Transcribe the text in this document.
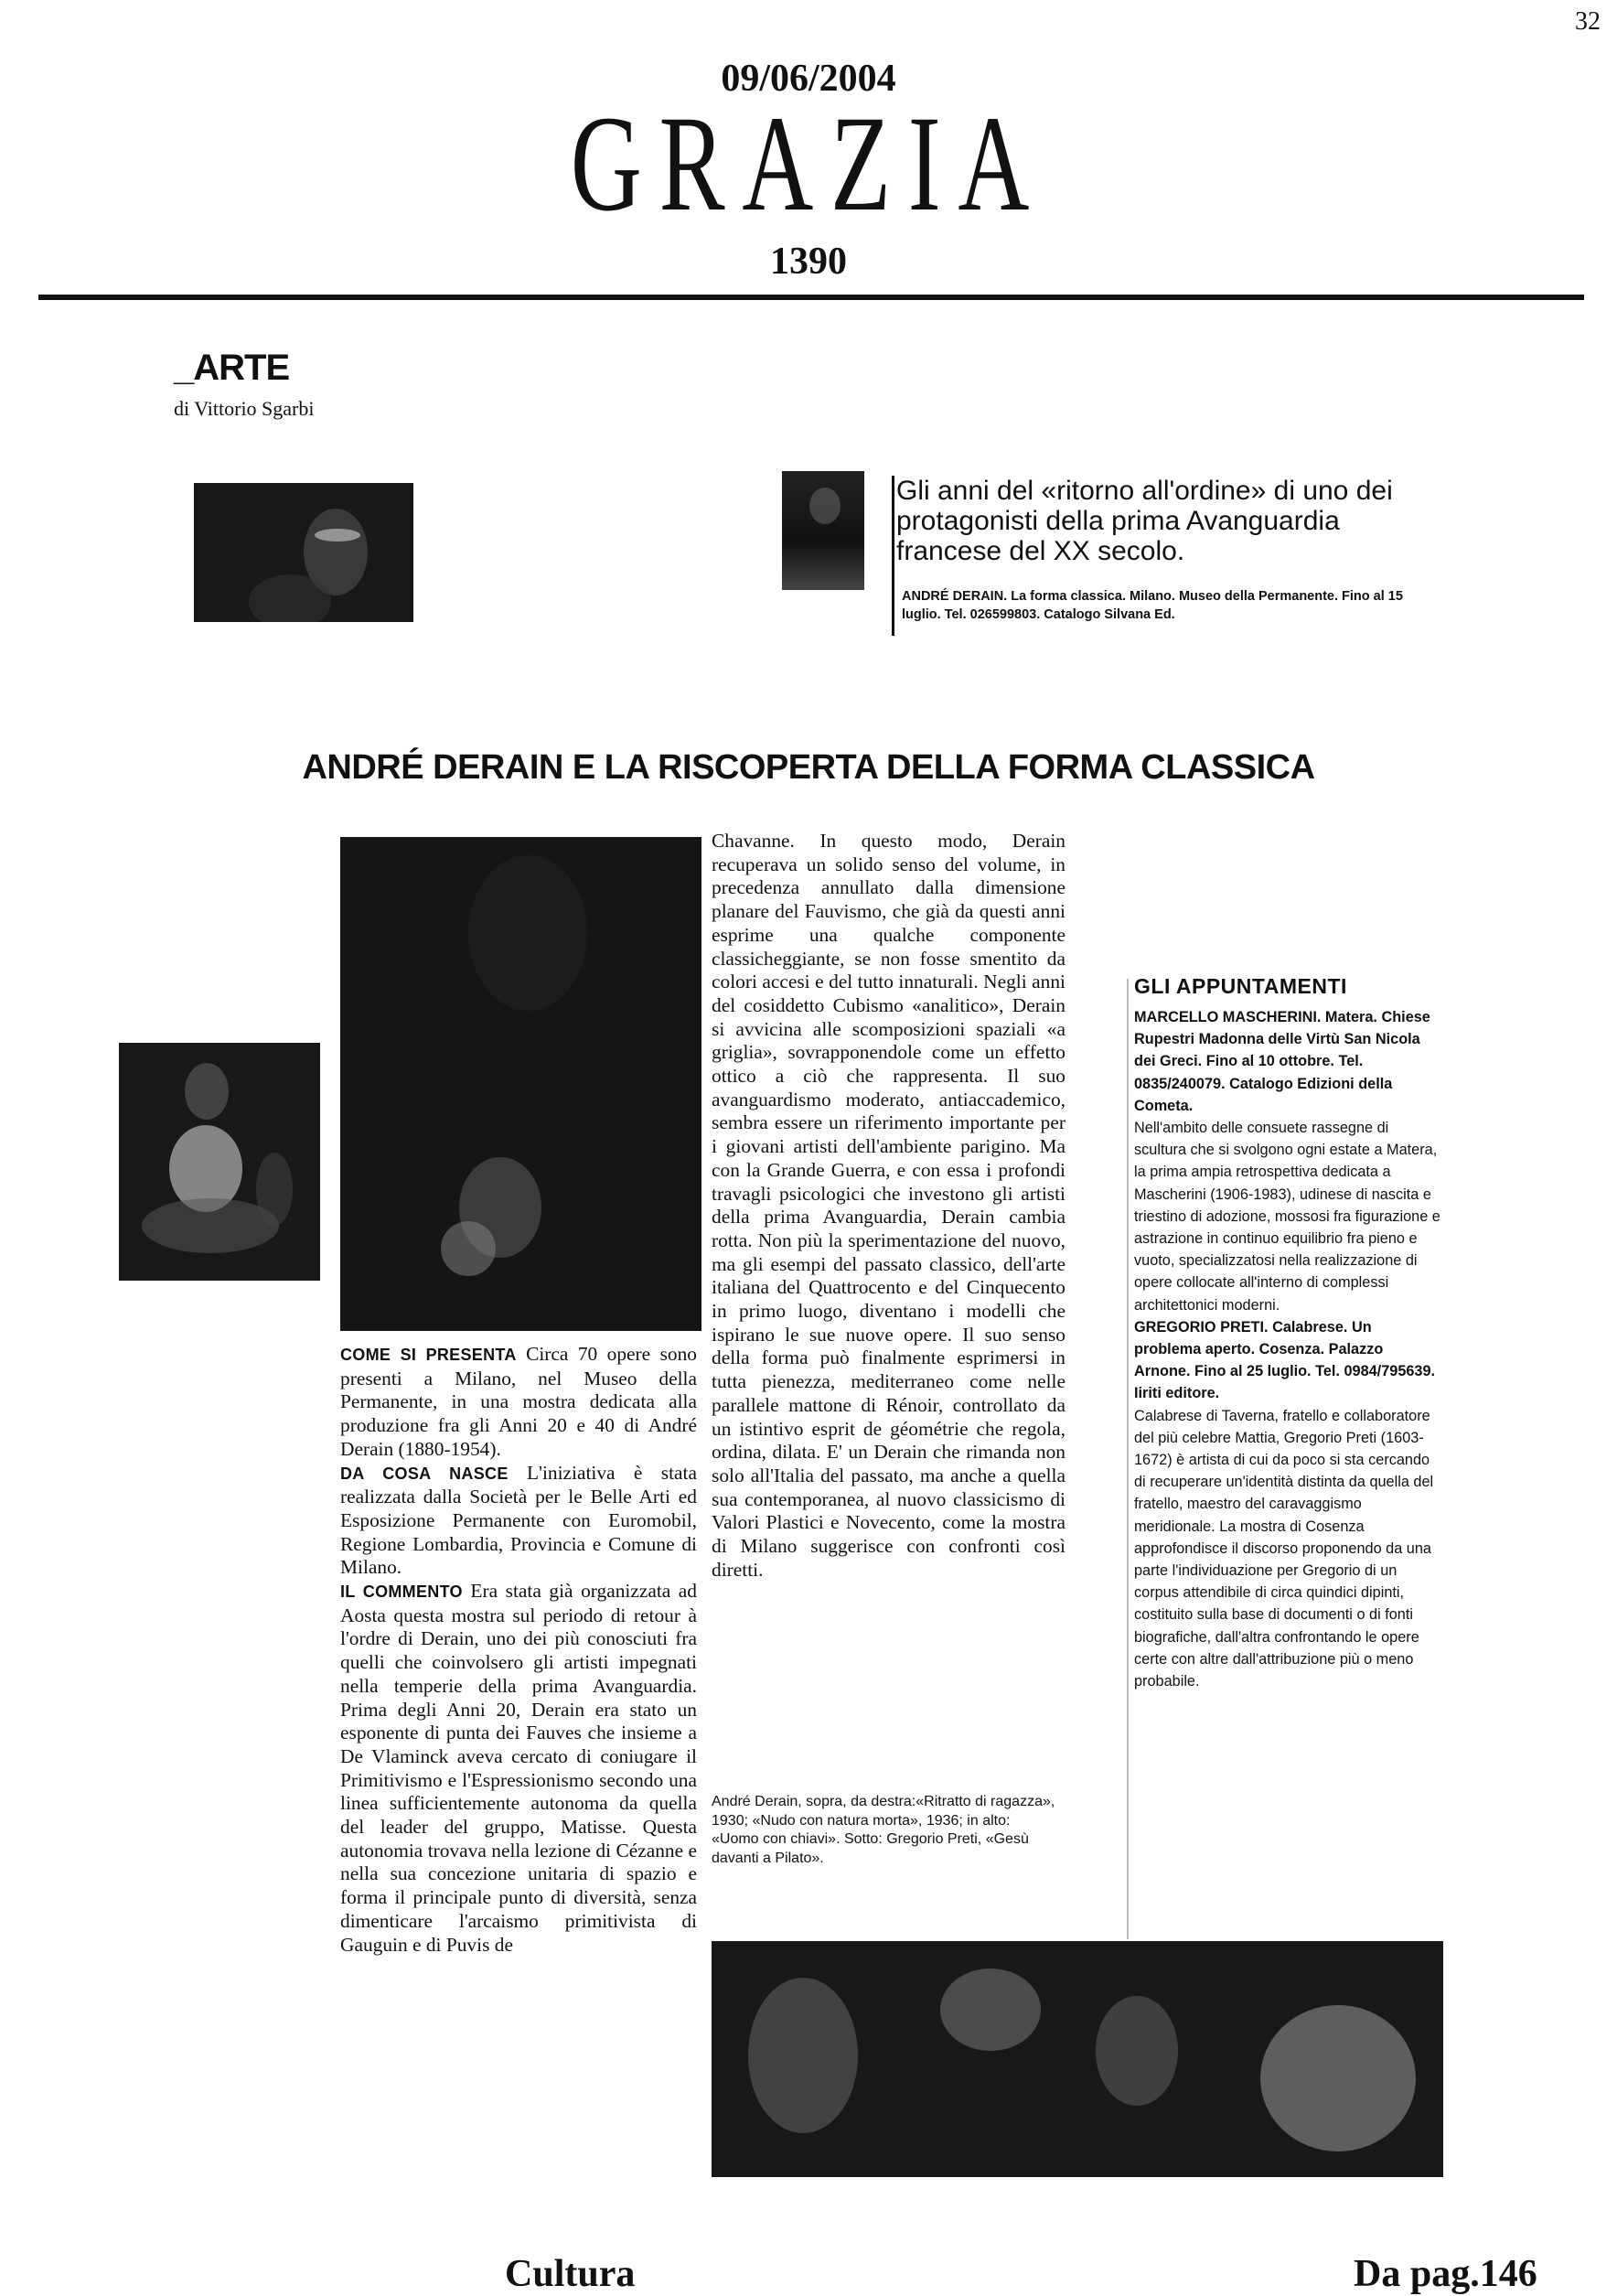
32
09/06/2004
GRAZIA
1390
_ARTE
di Vittorio Sgarbi
Gli anni del «ritorno all'ordine» di uno dei protagonisti della prima Avanguardia francese del XX secolo.
ANDRÉ DERAIN. La forma classica. Milano. Museo della Permanente. Fino al 15 luglio. Tel. 026599803. Catalogo Silvana Ed.
ANDRÉ DERAIN E LA RISCOPERTA DELLA FORMA CLASSICA

COME SI PRESENTA Circa 70 opere sono presenti a Milano, nel Museo della Permanente, in una mostra dedicata alla produzione fra gli Anni 20 e 40 di André Derain (1880-1954).

DA COSA NASCE L'iniziativa è stata realizzata dalla Società per le Belle Arti ed Esposizione Permanente con Euromobil, Regione Lombardia, Provincia e Comune di Milano.

IL COMMENTO Era stata già organizzata ad Aosta questa mostra sul periodo di retour à l'ordre di Derain, uno dei più conosciuti fra quelli che coinvolsero gli artisti impegnati nella temperie della prima Avanguardia. Prima degli Anni 20, Derain era stato un esponente di punta dei Fauves che insieme a De Vlaminck aveva cercato di coniugare il Primitivismo e l'Espressionismo secondo una linea sufficientemente autonoma da quella del leader del gruppo, Matisse. Questa autonomia trovava nella lezione di Cézanne e nella sua concezione unitaria di spazio e forma il principale punto di diversità, senza dimenticare l'arcaismo primitivista di Gauguin e di Puvis de

Chavanne. In questo modo, Derain recuperava un solido senso del volume, in precedenza annullato dalla dimensione planare del Fauvismo, che già da questi anni esprime una qualche componente classicheggiante, se non fosse smentito da colori accesi e del tutto innaturali. Negli anni del cosiddetto Cubismo «analitico», Derain si avvicina alle scomposizioni spaziali «a griglia», sovrapponendole come un effetto ottico a ciò che rappresenta. Il suo avanguardismo moderato, antiaccademico, sembra essere un riferimento importante per i giovani artisti dell'ambiente parigino. Ma con la Grande Guerra, e con essa i profondi travagli psicologici che investono gli artisti della prima Avanguardia, Derain cambia rotta. Non più la sperimentazione del nuovo, ma gli esempi del passato classico, dell'arte italiana del Quattrocento e del Cinquecento in primo luogo, diventano i modelli che ispirano le sue nuove opere. Il suo senso della forma può finalmente esprimersi in tutta pienezza, mediterraneo come nelle parallele mattone di Rénoir, controllato da un istintivo esprit de géométrie che regola, ordina, dilata. E' un Derain che rimanda non solo all'Italia del passato, ma anche a quella sua contemporanea, al nuovo classicismo di Valori Plastici e Novecento, come la mostra di Milano suggerisce con confronti così diretti.
André Derain, sopra, da destra:«Ritratto di ragazza», 1930; «Nudo con natura morta», 1936; in alto: «Uomo con chiavi». Sotto: Gregorio Preti, «Gesù davanti a Pilato».
GLI APPUNTAMENTI

MARCELLO MASCHERINI. Matera. Chiese Rupestri Madonna delle Virtù San Nicola dei Greci. Fino al 10 ottobre. Tel. 0835/240079. Catalogo Edizioni della Cometa.

Nell'ambito delle consuete rassegne di scultura che si svolgono ogni estate a Matera, la prima ampia retrospettiva dedicata a Mascherini (1906-1983), udinese di nascita e triestino di adozione, mossosi fra figurazione e astrazione in continuo equilibrio fra pieno e vuoto, specializzatosi nella realizzazione di opere collocate all'interno di complessi architettonici moderni.

GREGORIO PRETI. Calabrese. Un problema aperto. Cosenza. Palazzo Arnone. Fino al 25 luglio. Tel. 0984/795639. Iiriti editore.

Calabrese di Taverna, fratello e collaboratore del più celebre Mattia, Gregorio Preti (1603-1672) è artista di cui da poco si sta cercando di recuperare un'identità distinta da quella del fratello, maestro del caravaggismo meridionale. La mostra di Cosenza approfondisce il discorso proponendo da una parte l'individuazione per Gregorio di un corpus attendibile di circa quindici dipinti, costituito sulla base di documenti o di fonti biografiche, dall'altra confrontando le opere certe con altre dall'attribuzione più o meno probabile.

Cultura	Da pag.146
